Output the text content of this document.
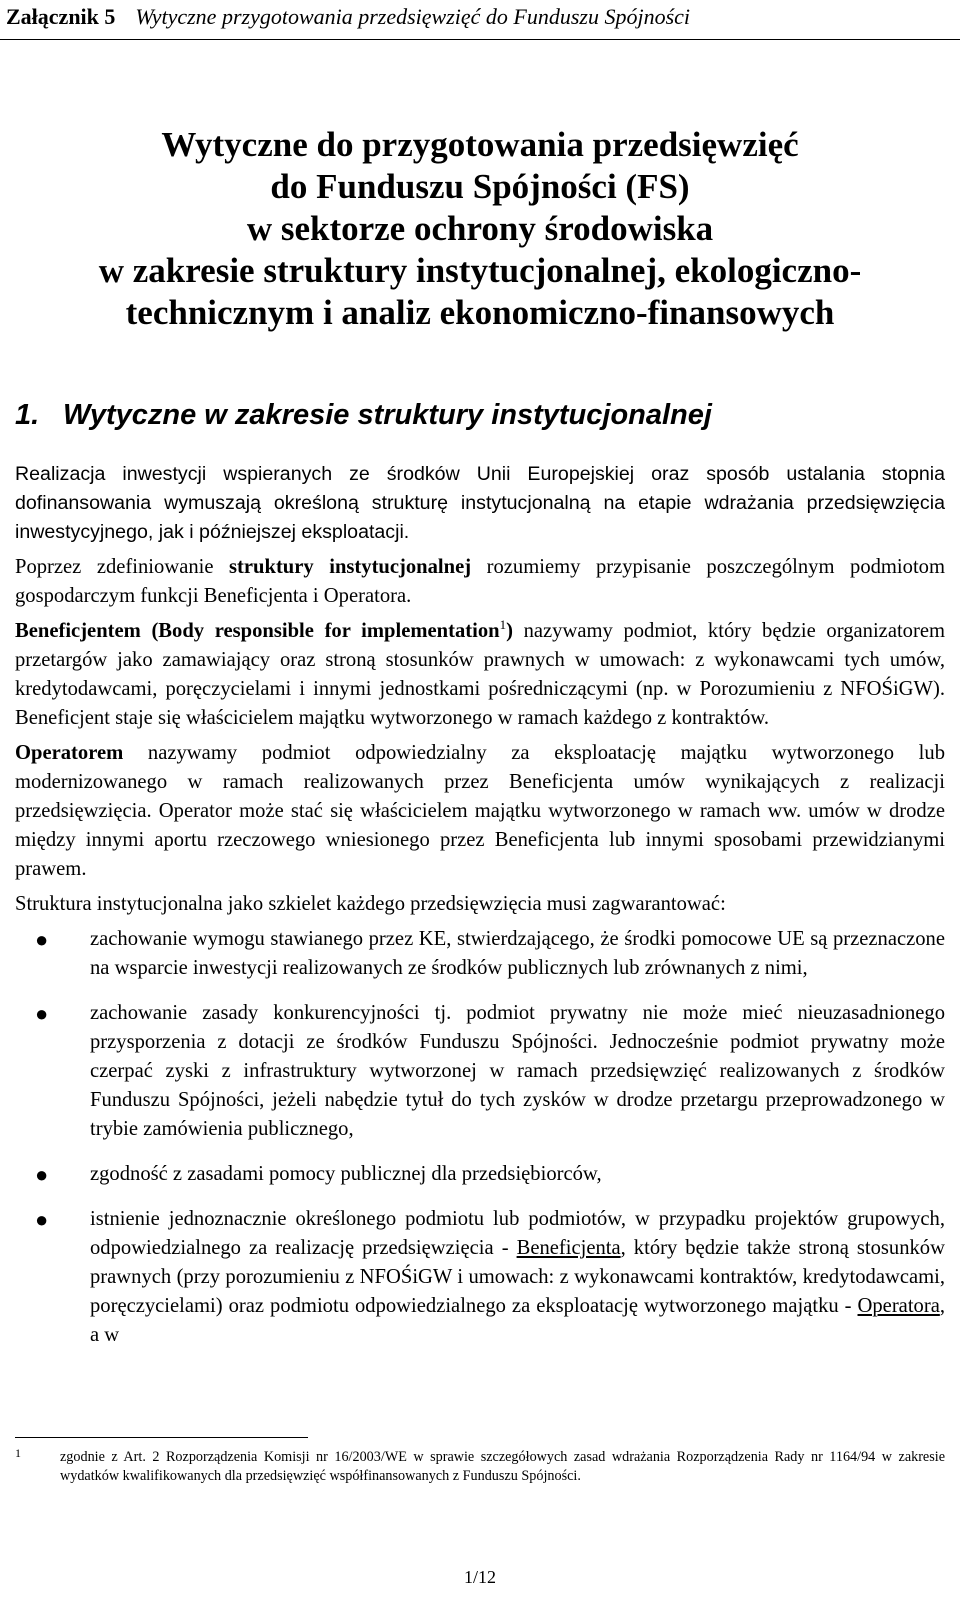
Załącznik 5 Wytyczne przygotowania przedsięwzięć do Funduszu Spójności
Wytyczne do przygotowania przedsięwzięć
do Funduszu Spójności (FS)
w sektorze ochrony środowiska
w zakresie struktury instytucjonalnej, ekologiczno-
technicznym i analiz ekonomiczno-finansowych
1. Wytyczne w zakresie struktury instytucjonalnej

Realizacja inwestycji wspieranych ze środków Unii Europejskiej oraz sposób ustalania stopnia dofinansowania wymuszają określoną strukturę instytucjonalną na etapie wdrażania przedsięwzięcia inwestycyjnego, jak i późniejszej eksploatacji.

Poprzez zdefiniowanie struktury instytucjonalnej rozumiemy przypisanie poszczególnym podmiotom gospodarczym funkcji Beneficjenta i Operatora.

Beneficjentem (Body responsible for implementation$^1$) nazywamy podmiot, który będzie organizatorem przetargów jako zamawiający oraz stroną stosunków prawnych w umowach: z wykonawcami tych umów, kredytodawcami, poręczycielami i innymi jednostkami pośredniczącymi (np. w Porozumieniu z NFOŚiGW). Beneficjent staje się właścicielem majątku wytworzonego w ramach każdego z kontraktów.

Operatorem nazywamy podmiot odpowiedzialny za eksploatację majątku wytworzonego lub modernizowanego w ramach realizowanych przez Beneficjenta umów wynikających z realizacji przedsięwzięcia. Operator może stać się właścicielem majątku wytworzonego w ramach ww. umów w drodze między innymi aportu rzeczowego wniesionego przez Beneficjenta lub innymi sposobami przewidzianymi prawem.

Struktura instytucjonalna jako szkielet każdego przedsięwzięcia musi zagwarantować:

● zachowanie wymogu stawianego przez KE, stwierdzającego, że środki pomocowe UE są przeznaczone na wsparcie inwestycji realizowanych ze środków publicznych lub zrównanych z nimi,
● zachowanie zasady konkurencyjności tj. podmiot prywatny nie może mieć nieuzasadnionego przysporzenia z dotacji ze środków Funduszu Spójności. Jednocześnie podmiot prywatny może czerpać zyski z infrastruktury wytworzonej w ramach przedsięwzięć realizowanych z środków Funduszu Spójności, jeżeli nabędzie tytuł do tych zysków w drodze przetargu przeprowadzonego w trybie zamówienia publicznego,
● zgodność z zasadami pomocy publicznej dla przedsiębiorców,
● istnienie jednoznacznie określonego podmiotu lub podmiotów, w przypadku projektów grupowych, odpowiedzialnego za realizację przedsięwzięcia - Beneficjenta, który będzie także stroną stosunków prawnych (przy porozumieniu z NFOŚiGW i umowach: z wykonawcami kontraktów, kredytodawcami, poręczycielami) oraz podmiotu odpowiedzialnego za eksploatację wytworzonego majątku - Operatora, a w
1	zgodnie z Art. 2 Rozporządzenia Komisji nr 16/2003/WE w sprawie szczegółowych zasad wdrażania Rozporządzenia Rady nr 1164/94 w zakresie wydatków kwalifikowanych dla przedsięwzięć współfinansowanych z Funduszu Spójności.
1/12
